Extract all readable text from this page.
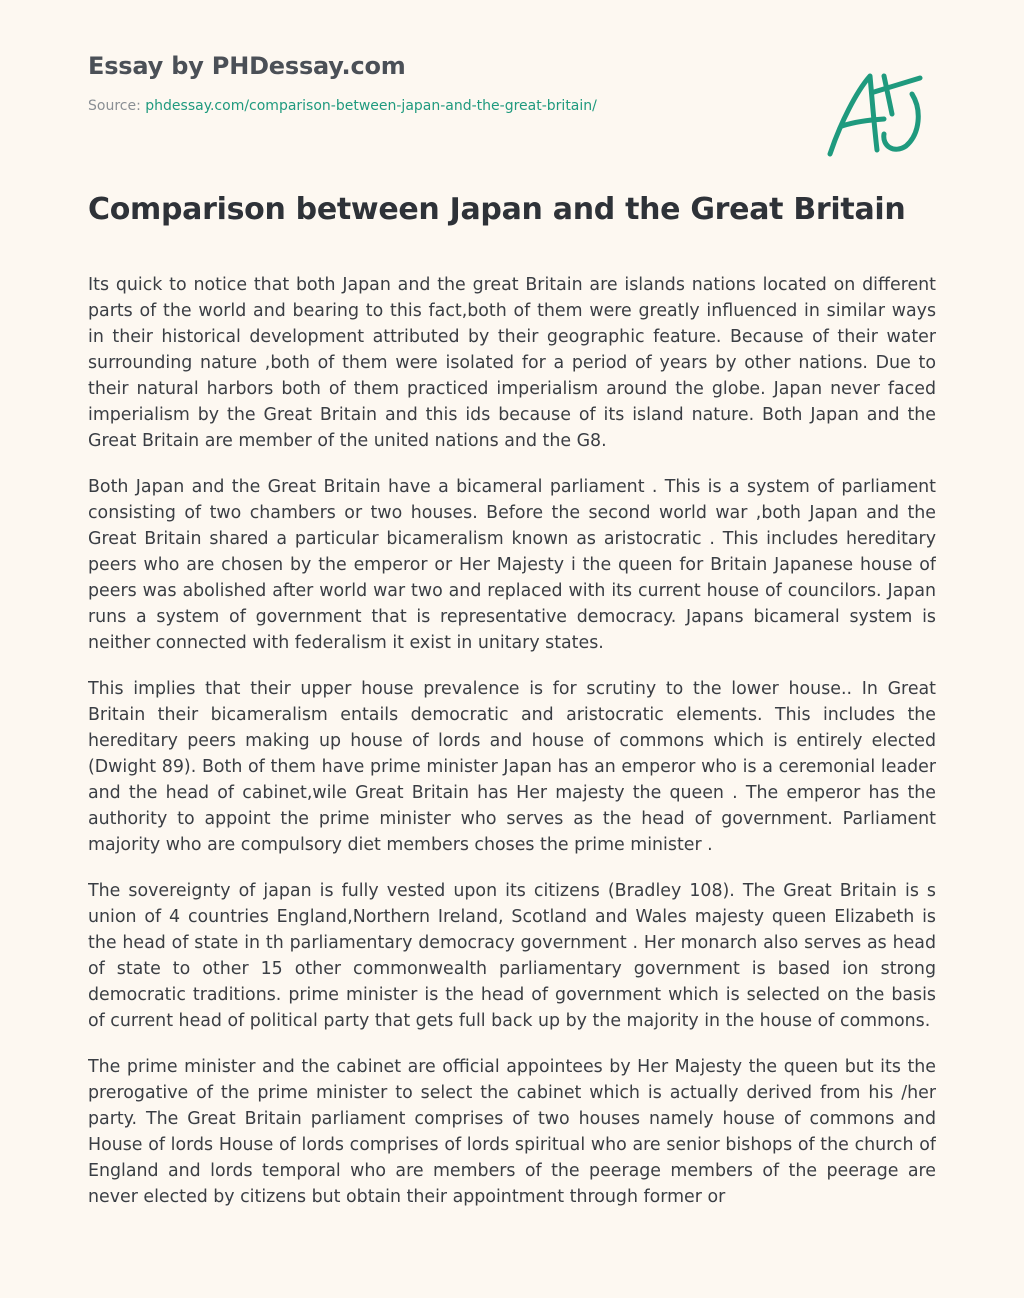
Essay by PHDessay.com
Source: phdessay.com/comparison-between-japan-and-the-great-britain/
Comparison between Japan and the Great Britain

Its quick to notice that both Japan and the great Britain are islands nations located on different parts of the world and bearing to this fact,both of them were greatly influenced in similar ways in their historical development attributed by their geographic feature. Because of their water surrounding nature ,both of them were isolated for a period of years by other nations. Due to their natural harbors both of them practiced imperialism around the globe. Japan never faced imperialism by the Great Britain and this ids because of its island nature. Both Japan and the Great Britain are member of the united nations and the G8.

Both Japan and the Great Britain have a bicameral parliament . This is a system of parliament consisting of two chambers or two houses. Before the second world war ,both Japan and the Great Britain shared a particular bicameralism known as aristocratic . This includes hereditary peers who are chosen by the emperor or Her Majesty i the queen for Britain Japanese house of peers was abolished after world war two and replaced with its current house of councilors. Japan runs a system of government that is representative democracy. Japans bicameral system is neither connected with federalism it exist in unitary states.

This implies that their upper house prevalence is for scrutiny to the lower house.. In Great Britain their bicameralism entails democratic and aristocratic elements. This includes the hereditary peers making up house of lords and house of commons which is entirely elected (Dwight 89). Both of them have prime minister Japan has an emperor who is a ceremonial leader and the head of cabinet,wile Great Britain has Her majesty the queen . The emperor has the authority to appoint the prime minister who serves as the head of government. Parliament majority who are compulsory diet members choses the prime minister .

The sovereignty of japan is fully vested upon its citizens (Bradley 108). The Great Britain is s union of 4 countries England,Northern Ireland, Scotland and Wales majesty queen Elizabeth is the head of state in th parliamentary democracy government . Her monarch also serves as head of state to other 15 other commonwealth parliamentary government is based ion strong democratic traditions. prime minister is the head of government which is selected on the basis of current head of political party that gets full back up by the majority in the house of commons.

The prime minister and the cabinet are official appointees by Her Majesty the queen but its the prerogative of the prime minister to select the cabinet which is actually derived from his /her party. The Great Britain parliament comprises of two houses namely house of commons and House of lords House of lords comprises of lords spiritual who are senior bishops of the church of England and lords temporal who are members of the peerage members of the peerage are never elected by citizens but obtain their appointment through former or
